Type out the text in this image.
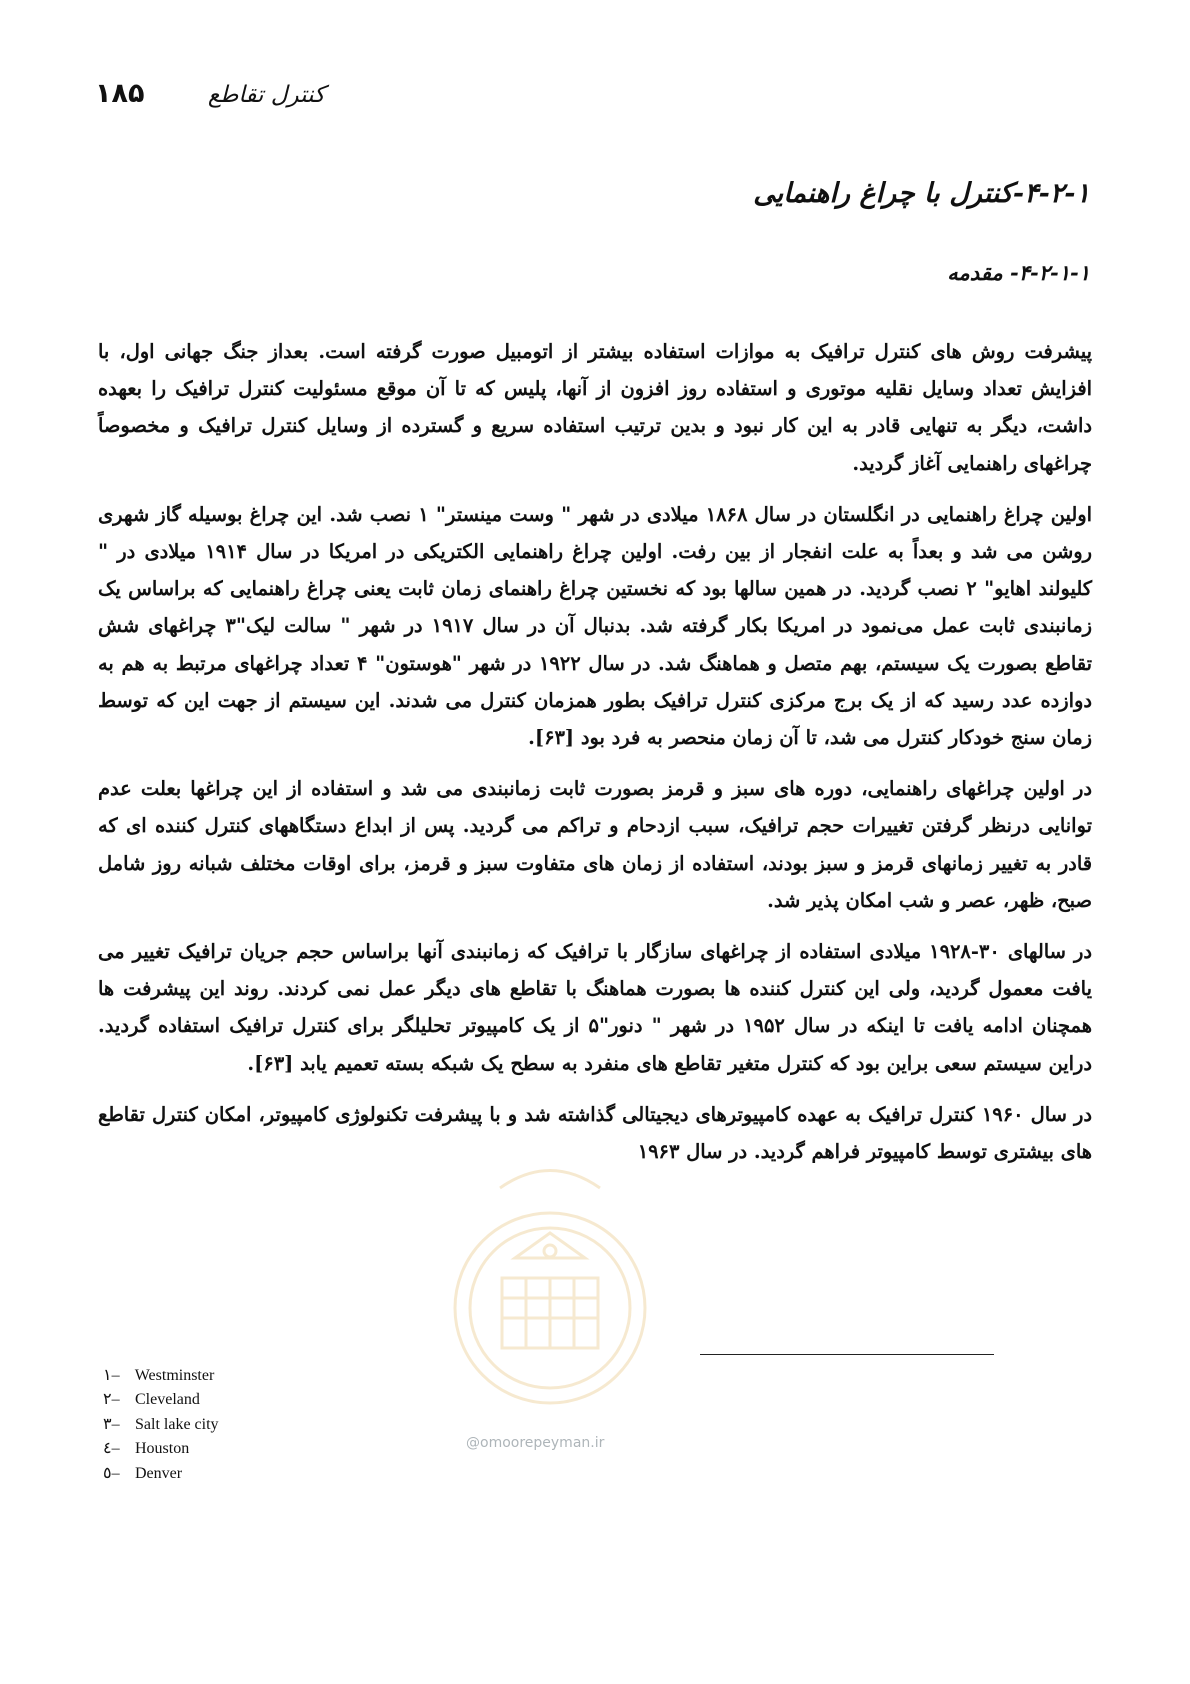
۱۸۵	کنترل تقاطع
۴-۲-۱-کنترل با چراغ راهنمایی
۴-۲-۱-۱- مقدمه

پیشرفت روش های کنترل ترافیک به موازات استفاده بیشتر از اتومبیل صورت گرفته است. بعداز جنگ جهانی اول، با افزایش تعداد وسایل نقلیه موتوری و استفاده روز افزون از آنها، پلیس که تا آن موقع مسئولیت کنترل ترافیک را بعهده داشت، دیگر به تنهایی قادر به این کار نبود و بدین ترتیب استفاده سریع و گسترده از وسایل کنترل ترافیک و مخصوصاً چراغهای راهنمایی آغاز گردید.

اولین چراغ راهنمایی در انگلستان در سال ۱۸۶۸ میلادی در شهر " وست مینستر" ۱ نصب شد. این چراغ بوسیله گاز شهری روشن می شد و بعداً به علت انفجار از بین رفت. اولین چراغ راهنمایی الکتریکی در امریکا در سال ۱۹۱۴ میلادی در " کلیولند اهایو" ۲ نصب گردید. در همین سالها بود که نخستین چراغ راهنمای زمان ثابت یعنی چراغ راهنمایی که براساس یک زمانبندی ثابت عمل می‌نمود در امریکا بکار گرفته شد. بدنبال آن در سال ۱۹۱۷ در شهر " سالت لیک"۳ چراغهای شش تقاطع بصورت یک سیستم، بهم متصل و هماهنگ شد. در سال ۱۹۲۲ در شهر "هوستون" ۴ تعداد چراغهای مرتبط به هم به دوازده عدد رسید که از یک برج مرکزی کنترل ترافیک بطور همزمان کنترل می شدند. این سیستم از جهت این که توسط زمان سنج خودکار کنترل می شد، تا آن زمان منحصر به فرد بود [۶۳].

در اولین چراغهای راهنمایی، دوره های سبز و قرمز بصورت ثابت زمانبندی می شد و استفاده از این چراغها بعلت عدم توانایی درنظر گرفتن تغییرات حجم ترافیک، سبب ازدحام و تراکم می گردید. پس از ابداع دستگاههای کنترل کننده ای که قادر به تغییر زمانهای قرمز و سبز بودند، استفاده از زمان های متفاوت سبز و قرمز، برای اوقات مختلف شبانه روز شامل صبح، ظهر، عصر و شب امکان پذیر شد.

در سالهای ۳۰-۱۹۲۸ میلادی استفاده از چراغهای سازگار با ترافیک که زمانبندی آنها براساس حجم جریان ترافیک تغییر می یافت معمول گردید، ولی این کنترل کننده ها بصورت هماهنگ با تقاطع های دیگر عمل نمی کردند. روند این پیشرفت ها همچنان ادامه یافت تا اینکه در سال ۱۹۵۲ در شهر " دنور"۵ از یک کامپیوتر تحلیلگر برای کنترل ترافیک استفاده گردید. دراین سیستم سعی براین بود که کنترل متغیر تقاطع های منفرد به سطح یک شبکه بسته تعمیم یابد [۶۳].

در سال ۱۹۶۰ کنترل ترافیک به عهده کامپیوترهای دیجیتالی گذاشته شد و با پیشرفت تکنولوژی کامپیوتر، امکان کنترل تقاطع های بیشتری توسط کامپیوتر فراهم گردید. در سال ۱۹۶۳

۱– Westminster
۲– Cleveland
۳– Salt lake city
٤– Houston
٥– Denver
@omoorepeyman.ir
